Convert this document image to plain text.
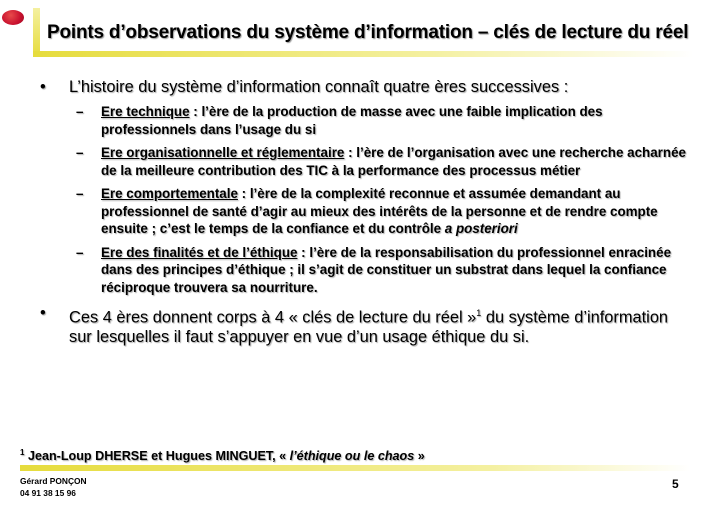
Points d’observations du système d’information – clés de lecture du réel
•	L’histoire du système d’information connaît quatre ères successives :
–	Ere technique : l’ère de la production de masse avec une faible implication des professionnels dans l’usage du si
–	Ere organisationnelle et réglementaire : l’ère de l’organisation avec une recherche acharnée de la meilleure contribution des TIC à la performance des processus métier
–	Ere comportementale : l’ère de la complexité reconnue et assumée demandant au professionnel de santé d’agir au mieux des intérêts de la personne et de rendre compte ensuite ; c’est le temps de la confiance et du contrôle a posteriori
–	Ere des finalités et de l’éthique : l’ère de la responsabilisation du professionnel enracinée dans des principes d’éthique ; il s’agit de constituer un substrat dans lequel la confiance réciproque trouvera sa nourriture.
•	Ces 4 ères donnent corps à 4 « clés de lecture du réel »$^1$ du système d’information sur lesquelles il faut s’appuyer en vue d’un usage éthique du si.
$^1$ Jean-Loup DHERSE et Hugues MINGUET, « l’éthique ou le chaos »
Gérard PONÇON
04 91 38 15 96
5
